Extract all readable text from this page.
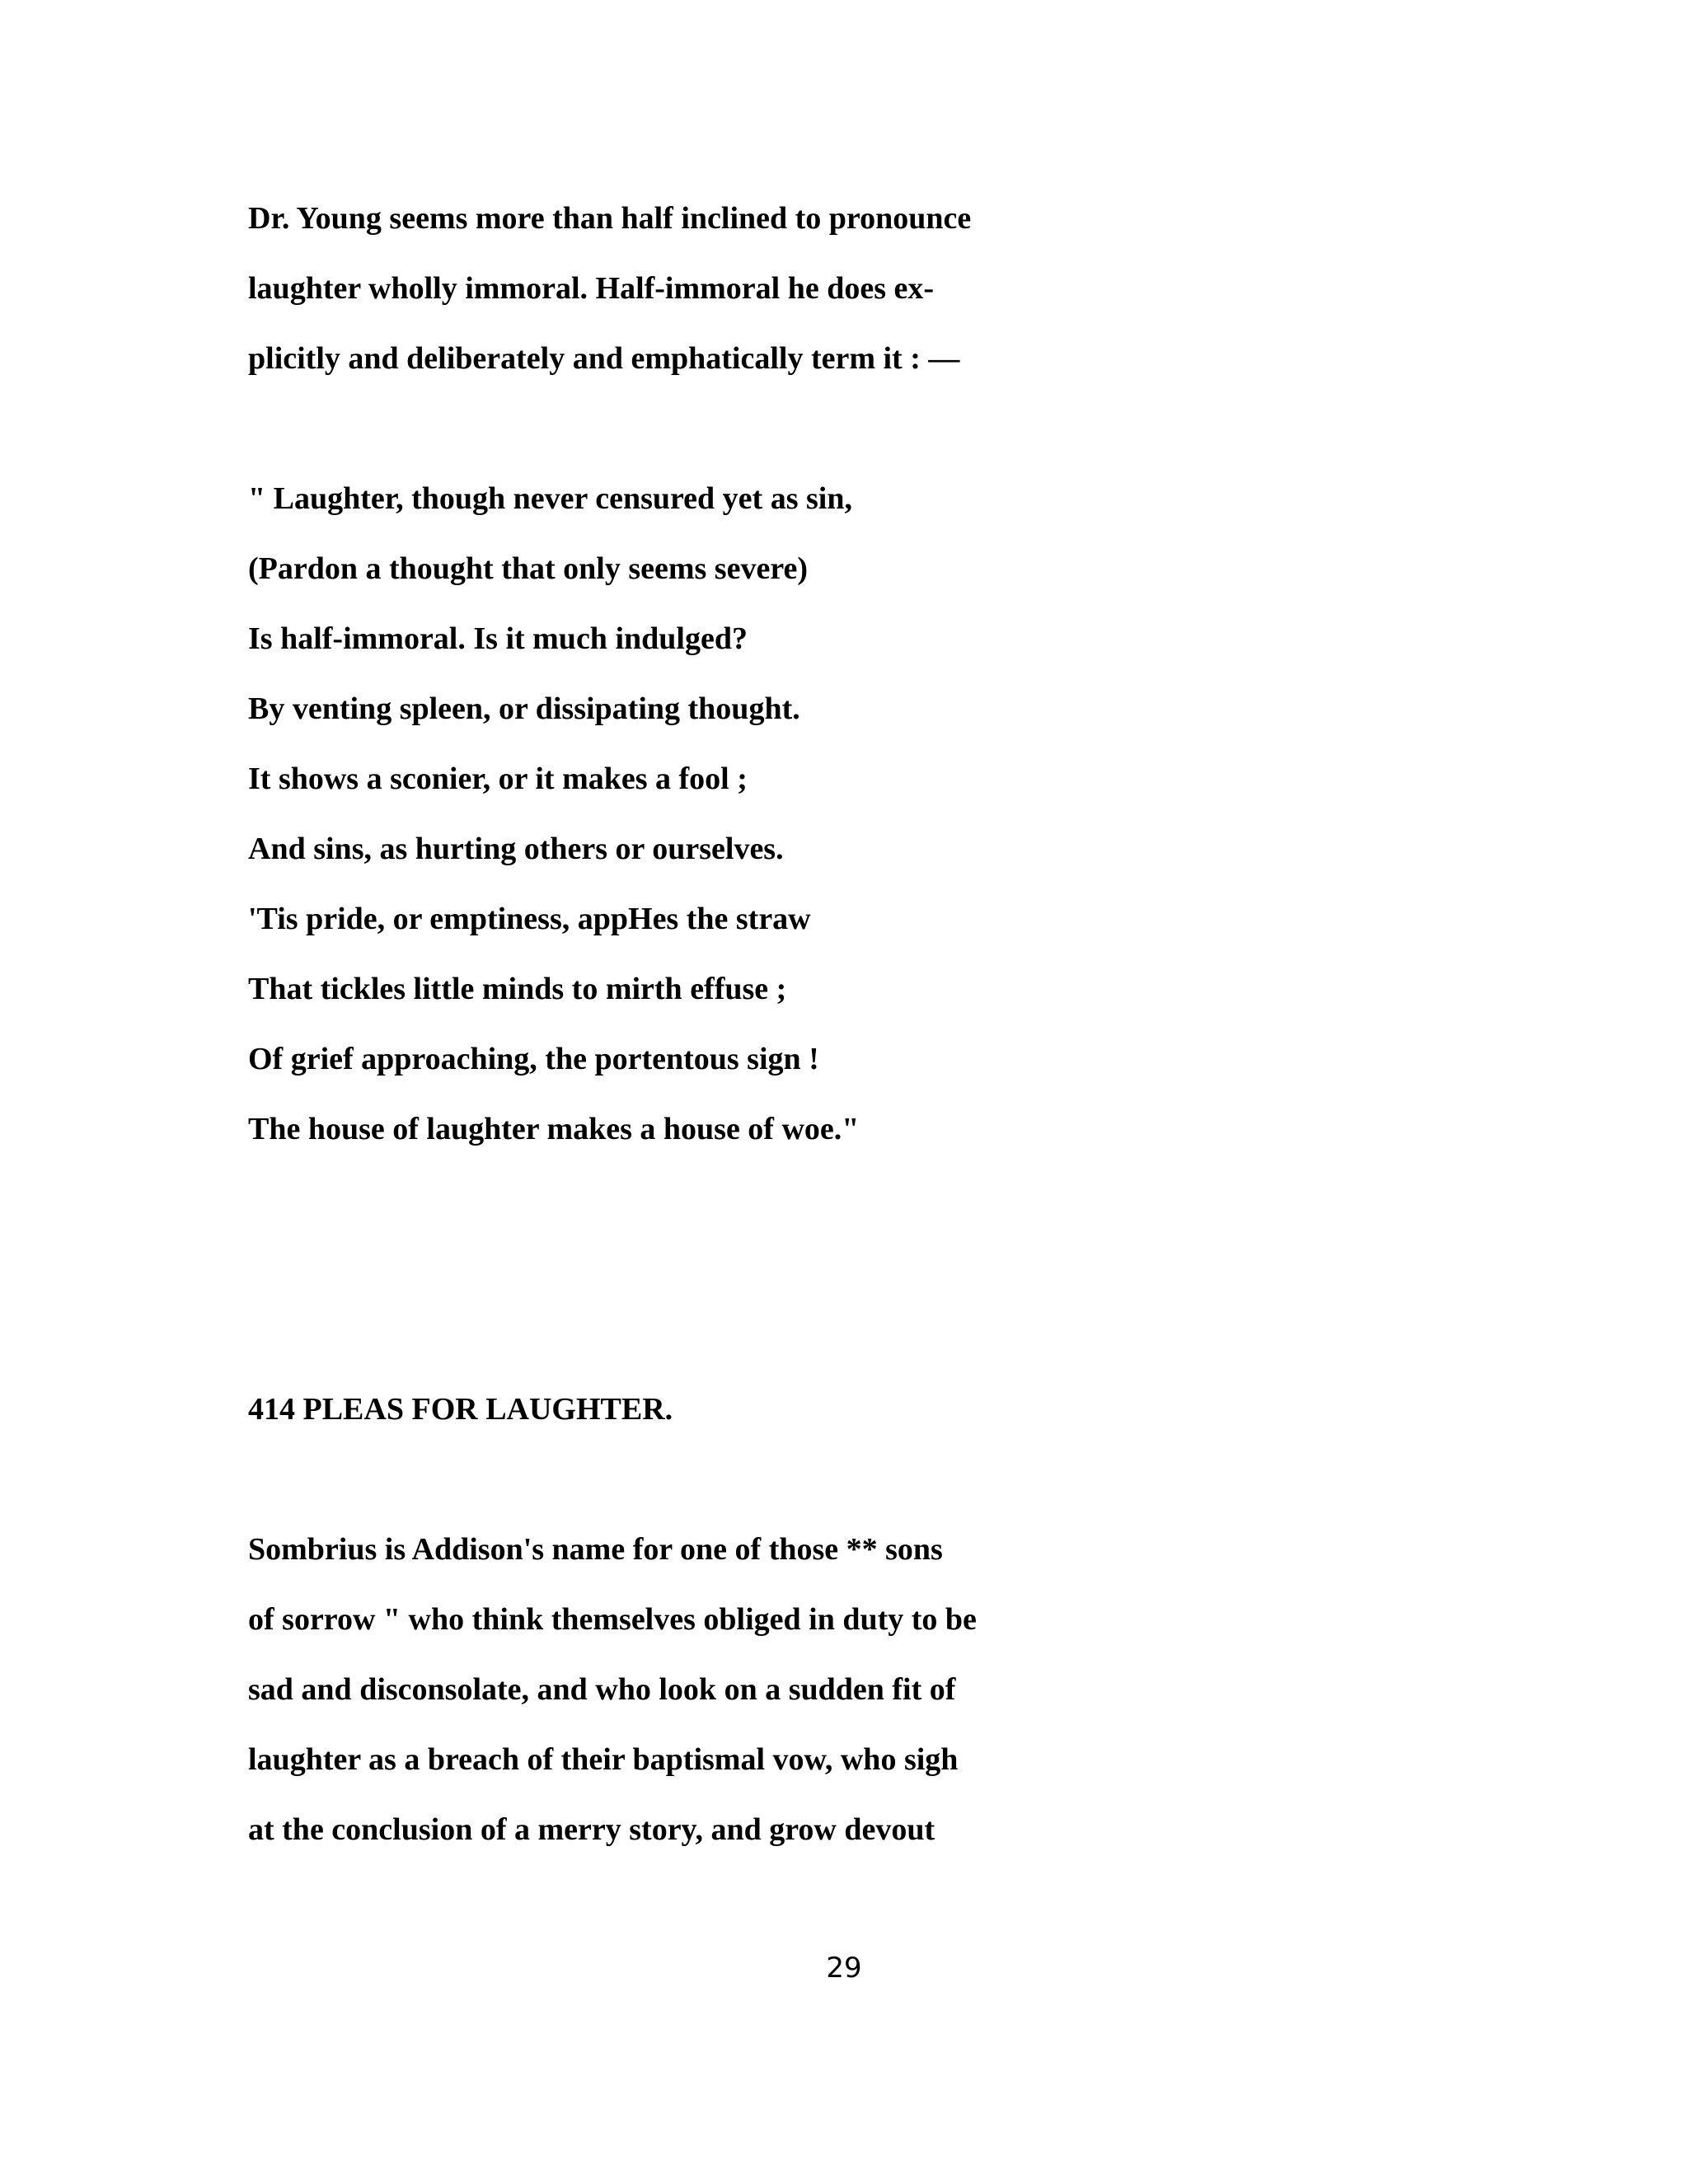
Dr. Young seems more than half inclined to pronounce

laughter wholly immoral. Half-immoral he does ex-

plicitly and deliberately and emphatically term it : —

" Laughter, though never censured yet as sin,

(Pardon a thought that only seems severe)

Is half-immoral. Is it much indulged?

By venting spleen, or dissipating thought.

It shows a sconier, or it makes a fool ;

And sins, as hurting others or ourselves.

'Tis pride, or emptiness, appHes the straw

That tickles little minds to mirth effuse ;

Of grief approaching, the portentous sign !

The house of laughter makes a house of woe."

414 PLEAS FOR LAUGHTER.

Sombrius is Addison's name for one of those ** sons

of sorrow " who think themselves obliged in duty to be

sad and disconsolate, and who look on a sudden fit of

laughter as a breach of their baptismal vow, who sigh

at the conclusion of a merry story, and grow devout

29
